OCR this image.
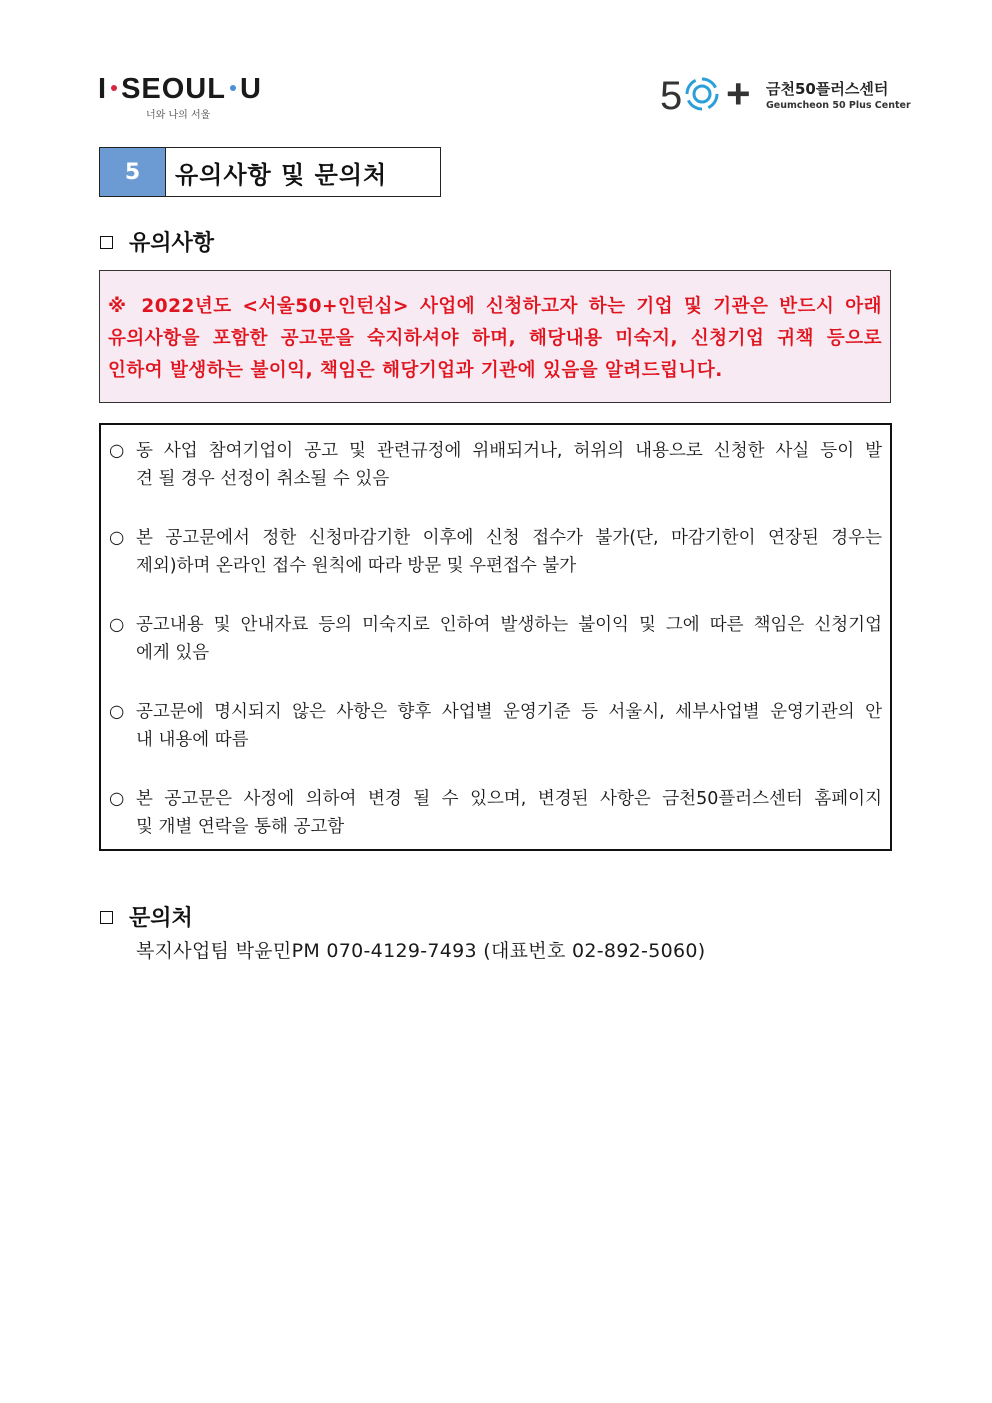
I SEOUL U
너와 나의 서울	5 + 금천50플러스센터
Geumcheon 50 Plus Center
5	유의사항 및 문의처
유의사항

※ 2022년도 <서울50+인턴십> 사업에 신청하고자 하는 기업 및 기관은 반드시 아래

유의사항을 포함한 공고문을 숙지하셔야 하며, 해당내용 미숙지, 신청기업 귀책 등으로

인하여 발생하는 불이익, 책임은 해당기업과 기관에 있음을 알려드립니다.

○ 동 사업 참여기업이 공고 및 관련규정에 위배되거나, 허위의 내용으로 신청한 사실 등이 발
견 될 경우 선정이 취소될 수 있음
○ 본 공고문에서 정한 신청마감기한 이후에 신청 접수가 불가(단, 마감기한이 연장된 경우는
제외)하며 온라인 접수 원칙에 따라 방문 및 우편접수 불가
○ 공고내용 및 안내자료 등의 미숙지로 인하여 발생하는 불이익 및 그에 따른 책임은 신청기업
에게 있음
○ 공고문에 명시되지 않은 사항은 향후 사업별 운영기준 등 서울시, 세부사업별 운영기관의 안
내 내용에 따름
○ 본 공고문은 사정에 의하여 변경 될 수 있으며, 변경된 사항은 금천50플러스센터 홈페이지
및 개별 연락을 통해 공고함
문의처
복지사업팀 박윤민PM 070-4129-7493 (대표번호 02-892-5060)
